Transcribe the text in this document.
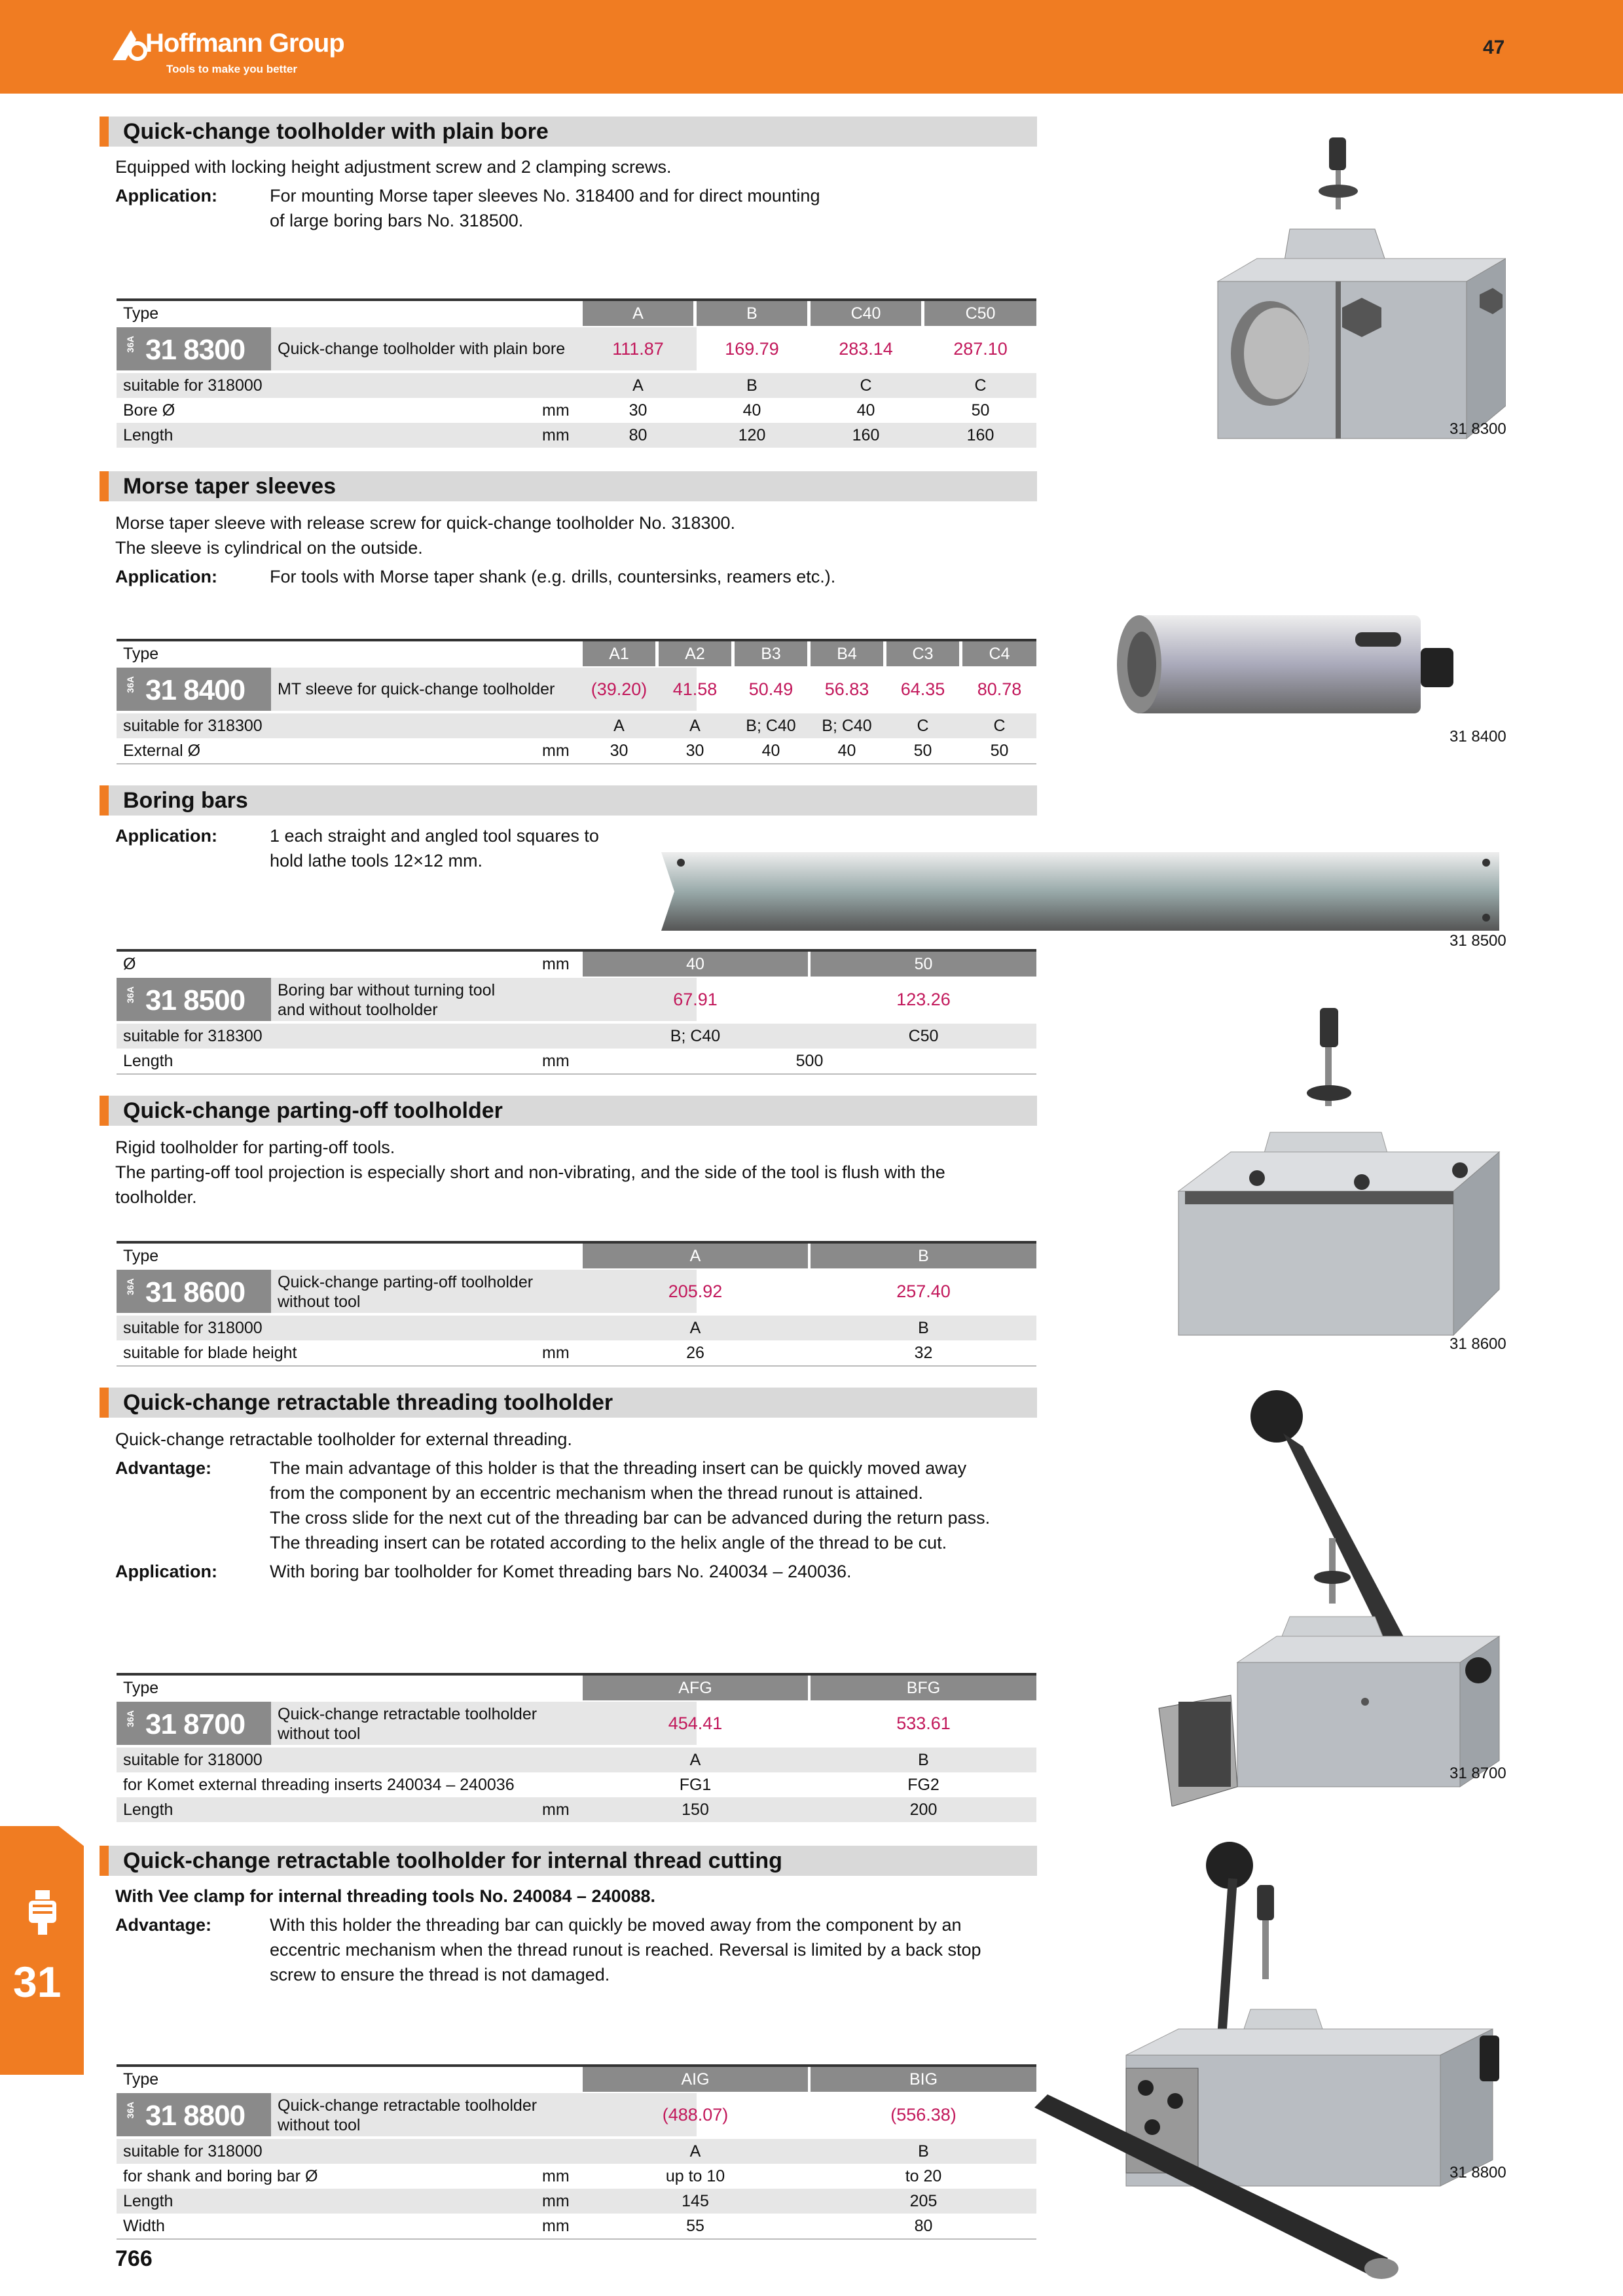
Hoffmann Group
Tools to make you better
47	GBP
31
Quick-change toolholder with plain bore
Equipped with locking height adjustment screw and 2 clamping screws.
Application:	For mounting Morse taper sleeves No. 318400 and for direct mounting
of large boring bars No. 318500.
Type	A	B	C40	C50
36A 31 8300	Quick-change toolholder with plain bore	111.87	169.79	283.14	287.10
suitable for 318000	A	B	C	C
Bore Ø	mm	30	40	40	50
Length	mm	80	120	160	160	31 8300
Morse taper sleeves
Morse taper sleeve with release screw for quick-change toolholder No. 318300.
The sleeve is cylindrical on the outside.
Application:	For tools with Morse taper shank (e.g. drills, countersinks, reamers etc.).
Type	A1	A2	B3	B4	C3	C4
36A 31 8400	MT sleeve for quick-change toolholder	(39.20)	41.58	50.49	56.83	64.35	80.78
suitable for 318300	A	A	B; C40	B; C40	C	C
External Ø	mm	30	30	40	40	50	50
31 8400
Boring bars
Application:	1 each straight and angled tool squares to
hold lathe tools 12×12 mm.
Ø	mm	40	50
36A 31 8500 Boring bar without turning tool
and without toolholder
67.91	123.26
suitable for 318300	B; C40	C50
Length	mm	500
31 8500
Quick-change parting-off toolholder
Rigid toolholder for parting-off tools.
The parting-off tool projection is especially short and non-vibrating, and the side of the tool is flush with the
toolholder.
Type	A	B
36A 31 8600 Quick-change parting-off toolholder
without tool
205.92	257.40
suitable for 318000	A	B
suitable for blade height	mm	26	32	31 8600
Quick-change retractable threading toolholder
Quick-change retractable toolholder for external threading.
Advantage:	The main advantage of this holder is that the threading insert can be quickly moved away
from the component by an eccentric mechanism when the thread runout is attained.
The cross slide for the next cut of the threading bar can be advanced during the return pass.
The threading insert can be rotated according to the helix angle of the thread to be cut.
Application:	With boring bar toolholder for Komet threading bars No. 240034 – 240036.
Type	AFG	BFG
36A 31 8700 Quick-change retractable toolholder
without tool
454.41	533.61
suitable for 318000	A	B
for Komet external threading inserts 240034 – 240036	FG1	FG2
Length	mm	150	200
31 8700
Quick-change retractable toolholder for internal thread cutting
With Vee clamp for internal threading tools No. 240084 – 240088.
Advantage:	With this holder the threading bar can quickly be moved away from the component by an
eccentric mechanism when the thread runout is reached. Reversal is limited by a back stop
screw to ensure the thread is not damaged.
Type	AIG	BIG
36A 31 8800 Quick-change retractable toolholder
without tool
(488.07)	(556.38)
suitable for 318000	A	B
for shank and boring bar Ø	mm	up to 10	to 20
Length	mm	145	205
Width	mm	55	80
31 8800
766
